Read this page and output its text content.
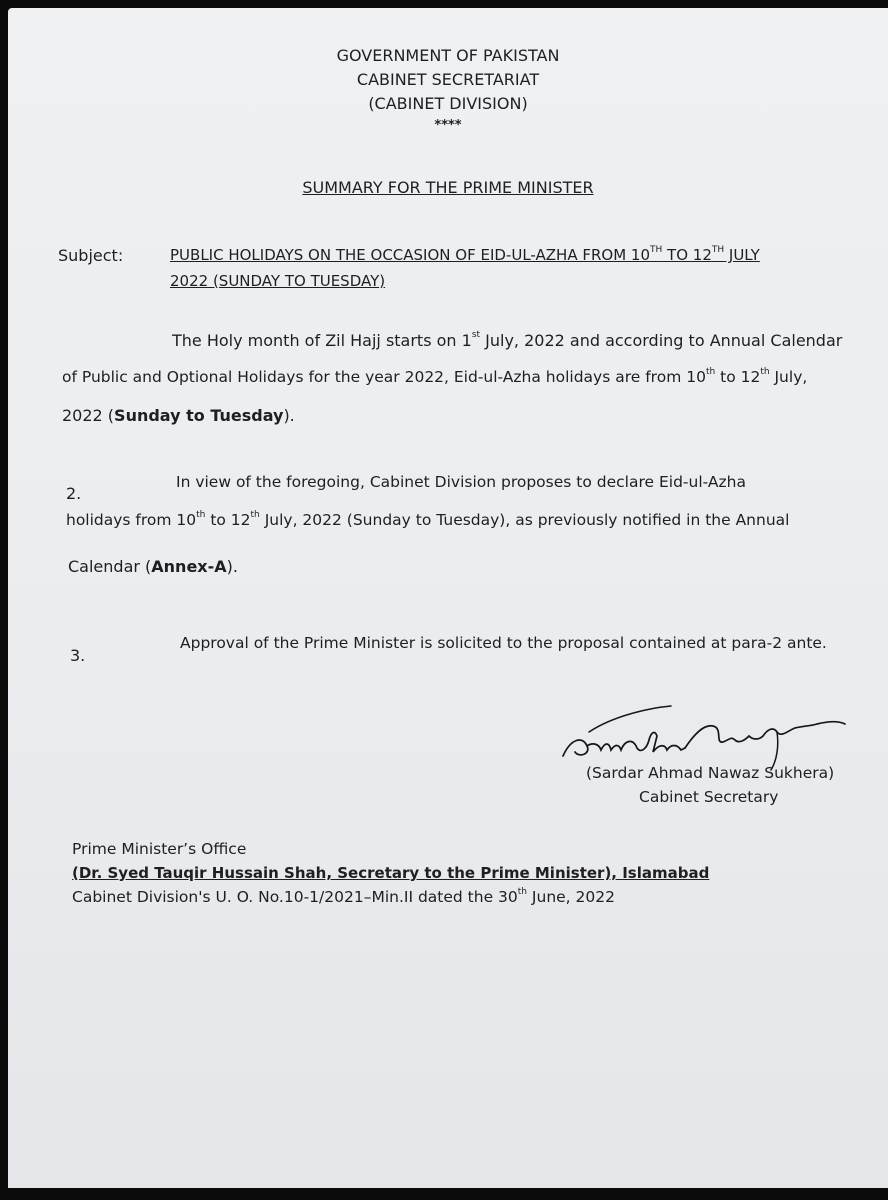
GOVERNMENT OF PAKISTAN
CABINET SECRETARIAT
(CABINET DIVISION)
****
SUMMARY FOR THE PRIME MINISTER
Subject:	PUBLIC HOLIDAYS ON THE OCCASION OF EID-UL-AZHA FROM 10TH TO 12TH JULY
2022 (SUNDAY TO TUESDAY)
The Holy month of Zil Hajj starts on 1st July, 2022 and according to Annual Calendar
of Public and Optional Holidays for the year 2022, Eid-ul-Azha holidays are from 10th to 12th July,
2022 (Sunday to Tuesday).
2.
In view of the foregoing, Cabinet Division proposes to declare Eid-ul-Azha
holidays from 10th to 12th July, 2022 (Sunday to Tuesday), as previously notified in the Annual
Calendar (Annex-A).
3.
Approval of the Prime Minister is solicited to the proposal contained at para-2 ante.
(Sardar Ahmad Nawaz Sukhera)
Cabinet Secretary
Prime Minister’s Office
(Dr. Syed Tauqir Hussain Shah, Secretary to the Prime Minister), Islamabad
Cabinet Division's U. O. No.10-1/2021–Min.II dated the 30th June, 2022
